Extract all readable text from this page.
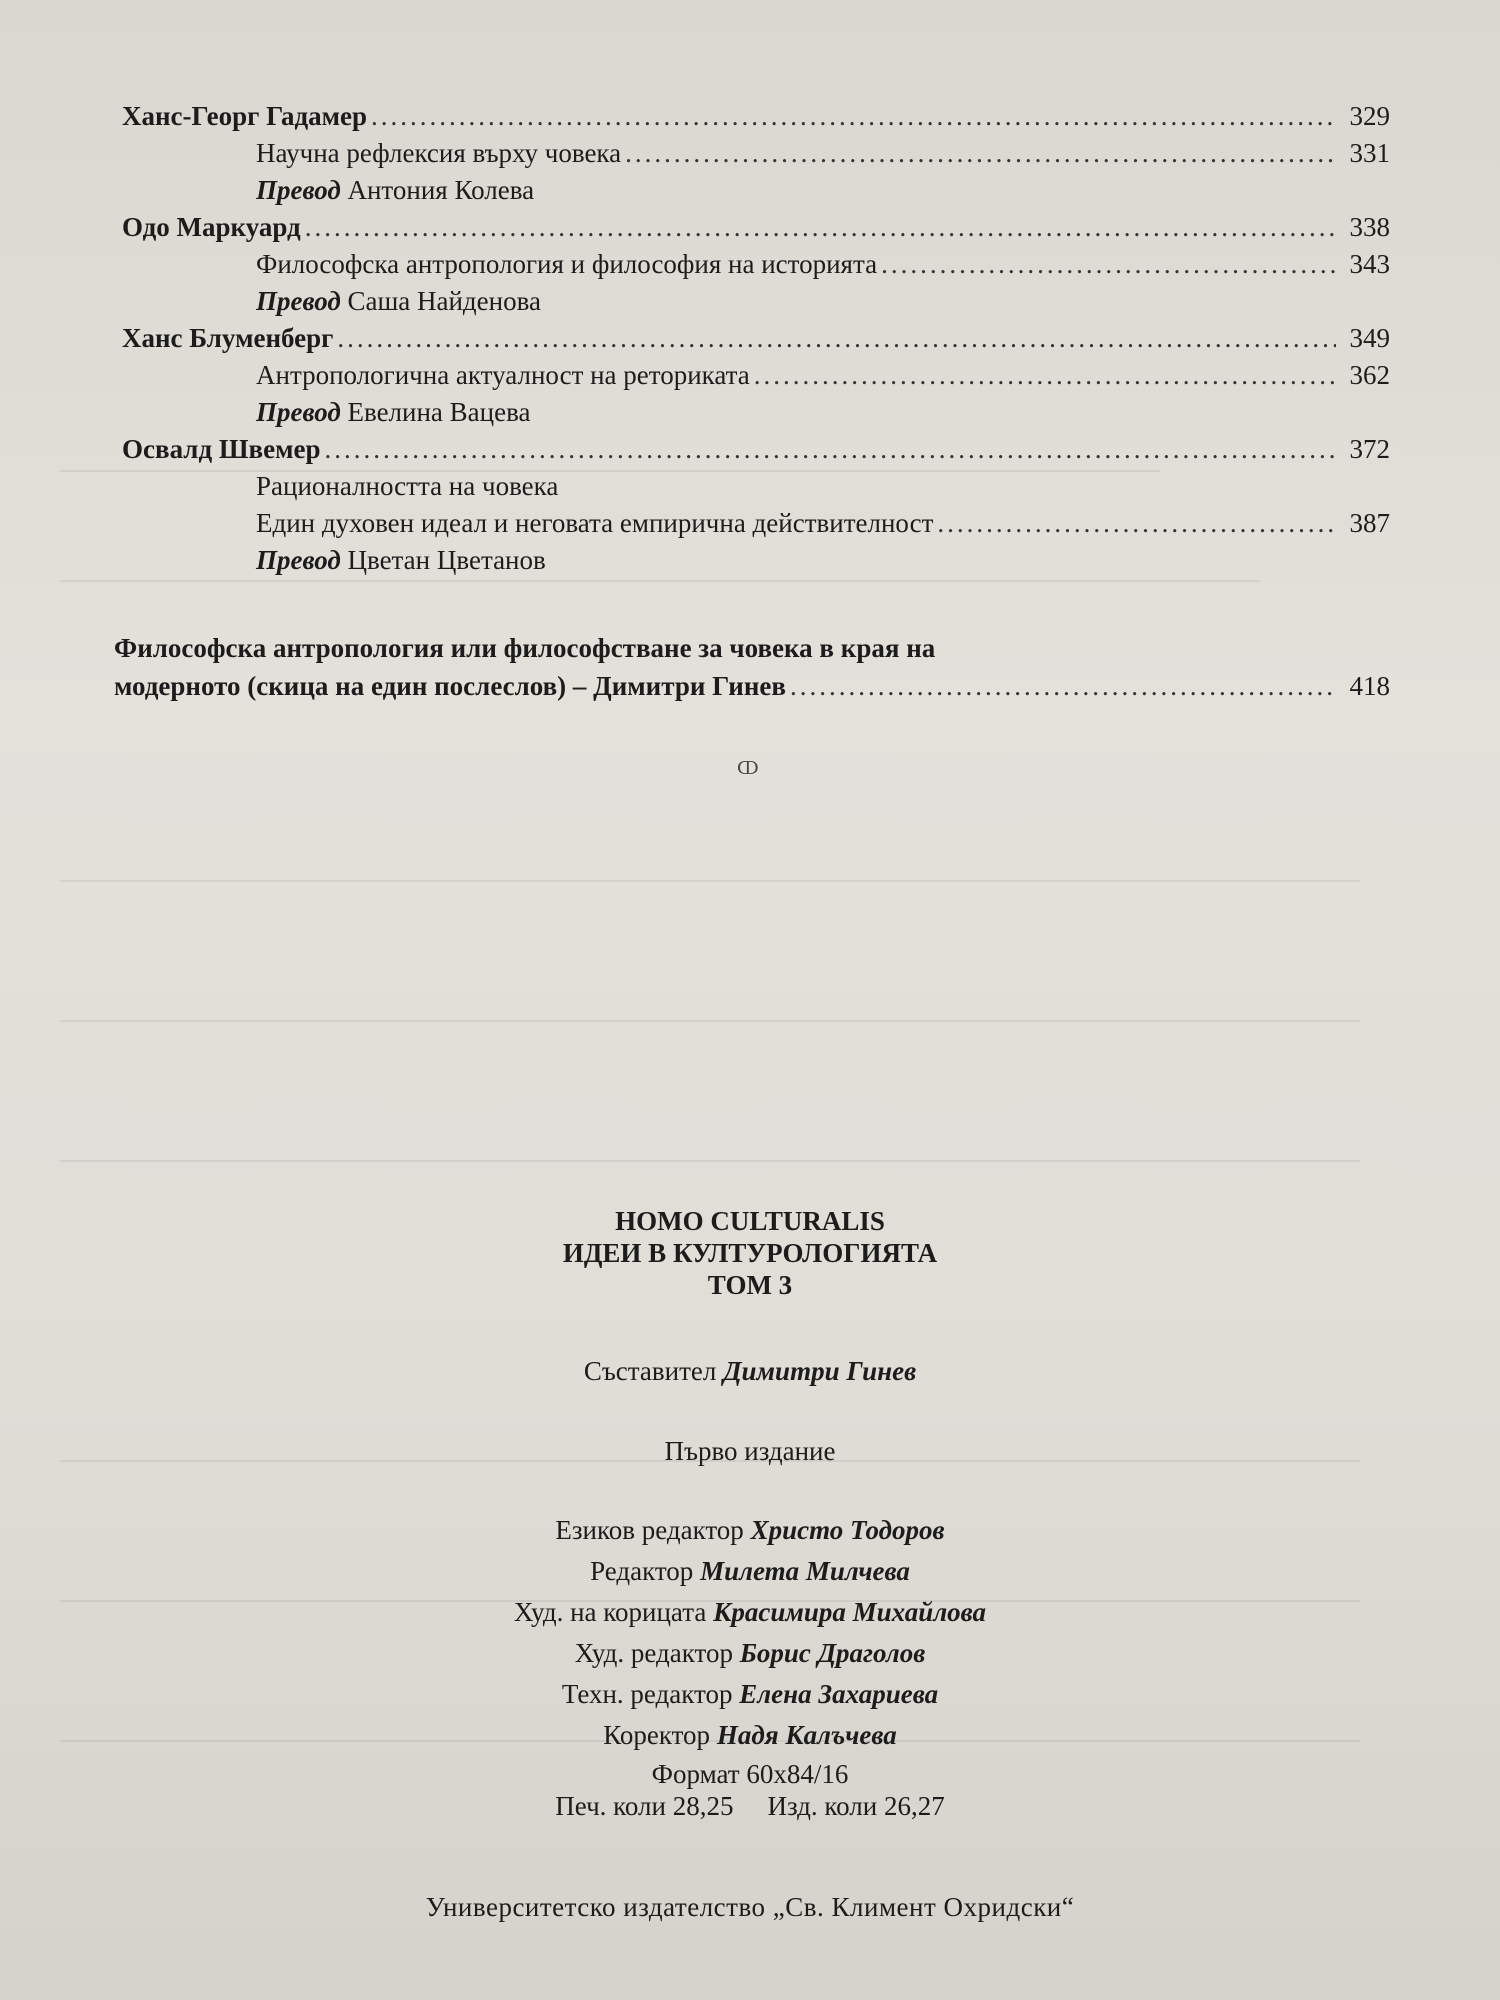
Ханс-Георг Гадамер .....	329
Научна рефлексия върху човека .....	331
Превод Антония Колева
Одо Маркуард .....	338
Философска антропология и философия на историята .....	343
Превод Саша Найденова
Ханс Блуменберг .....	349
Антропологична актуалност на реториката .....	362
Превод Евелина Вацева
Освалд Швемер .....	372
Рационалността на човека
Един духовен идеал и неговата емпирична действителност .....	387
Превод Цветан Цветанов
Философска антропология или философстване за човека в края на
модерното (скица на един послеслов) – Димитри Гинев .....	418
ↀ
HOMO CULTURALIS
ИДЕИ В КУЛТУРОЛОГИЯТА
ТОМ 3
Съставител Димитри Гинев
Първо издание
Езиков редактор Христо Тодоров
Редактор Милета Милчева
Худ. на корицата Красимира Михайлова
Худ. редактор Борис Драголов
Техн. редактор Елена Захариева
Коректор Надя Калъчева
Формат 60х84/16
Печ. коли 28,25 Изд. коли 26,27
Университетско издателство „Св. Климент Охридски“
